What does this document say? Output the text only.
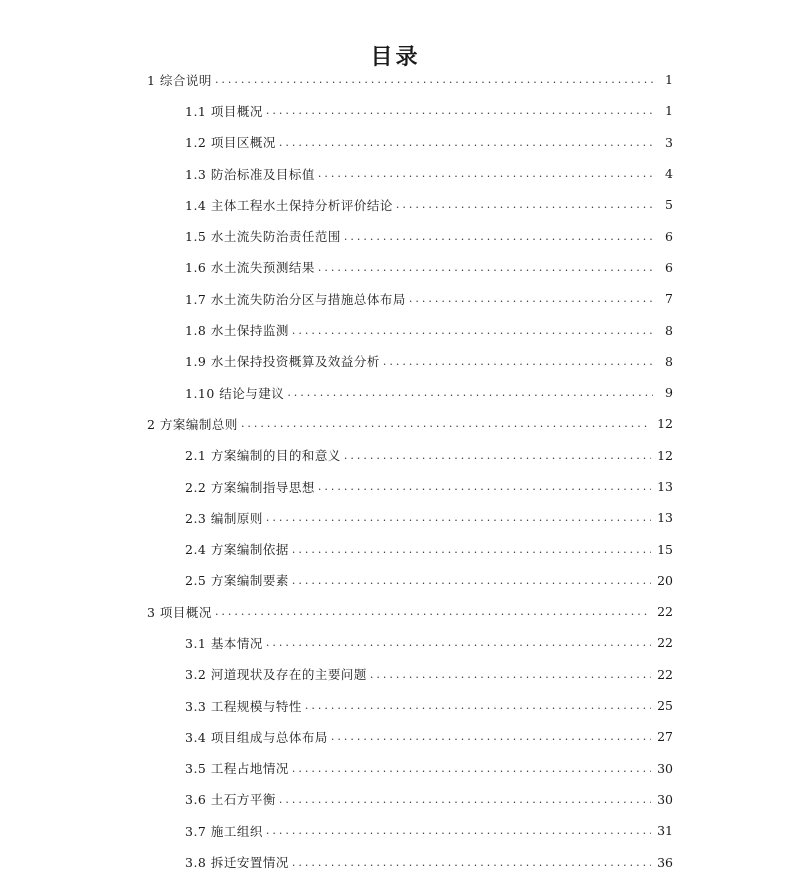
目录
1 综合说明 .....	1
1.1 项目概况 .....	1
1.2 项目区概况 .....	3
1.3 防治标准及目标值 .....	4
1.4 主体工程水土保持分析评价结论 .....	5
1.5 水土流失防治责任范围 .....	6
1.6 水土流失预测结果 .....	6
1.7 水土流失防治分区与措施总体布局 .....	7
1.8 水土保持监测 .....	8
1.9 水土保持投资概算及效益分析 .....	8
1.10 结论与建议 .....	9
2 方案编制总则 .....	12
2.1 方案编制的目的和意义 .....	12
2.2 方案编制指导思想 .....	13
2.3 编制原则 .....	13
2.4 方案编制依据 .....	15
2.5 方案编制要素 .....	20
3 项目概况 .....	22
3.1 基本情况 .....	22
3.2 河道现状及存在的主要问题 .....	22
3.3 工程规模与特性 .....	25
3.4 项目组成与总体布局 .....	27
3.5 工程占地情况 .....	30
3.6 土石方平衡 .....	30
3.7 施工组织 .....	31
3.8 拆迁安置情况 .....	36
